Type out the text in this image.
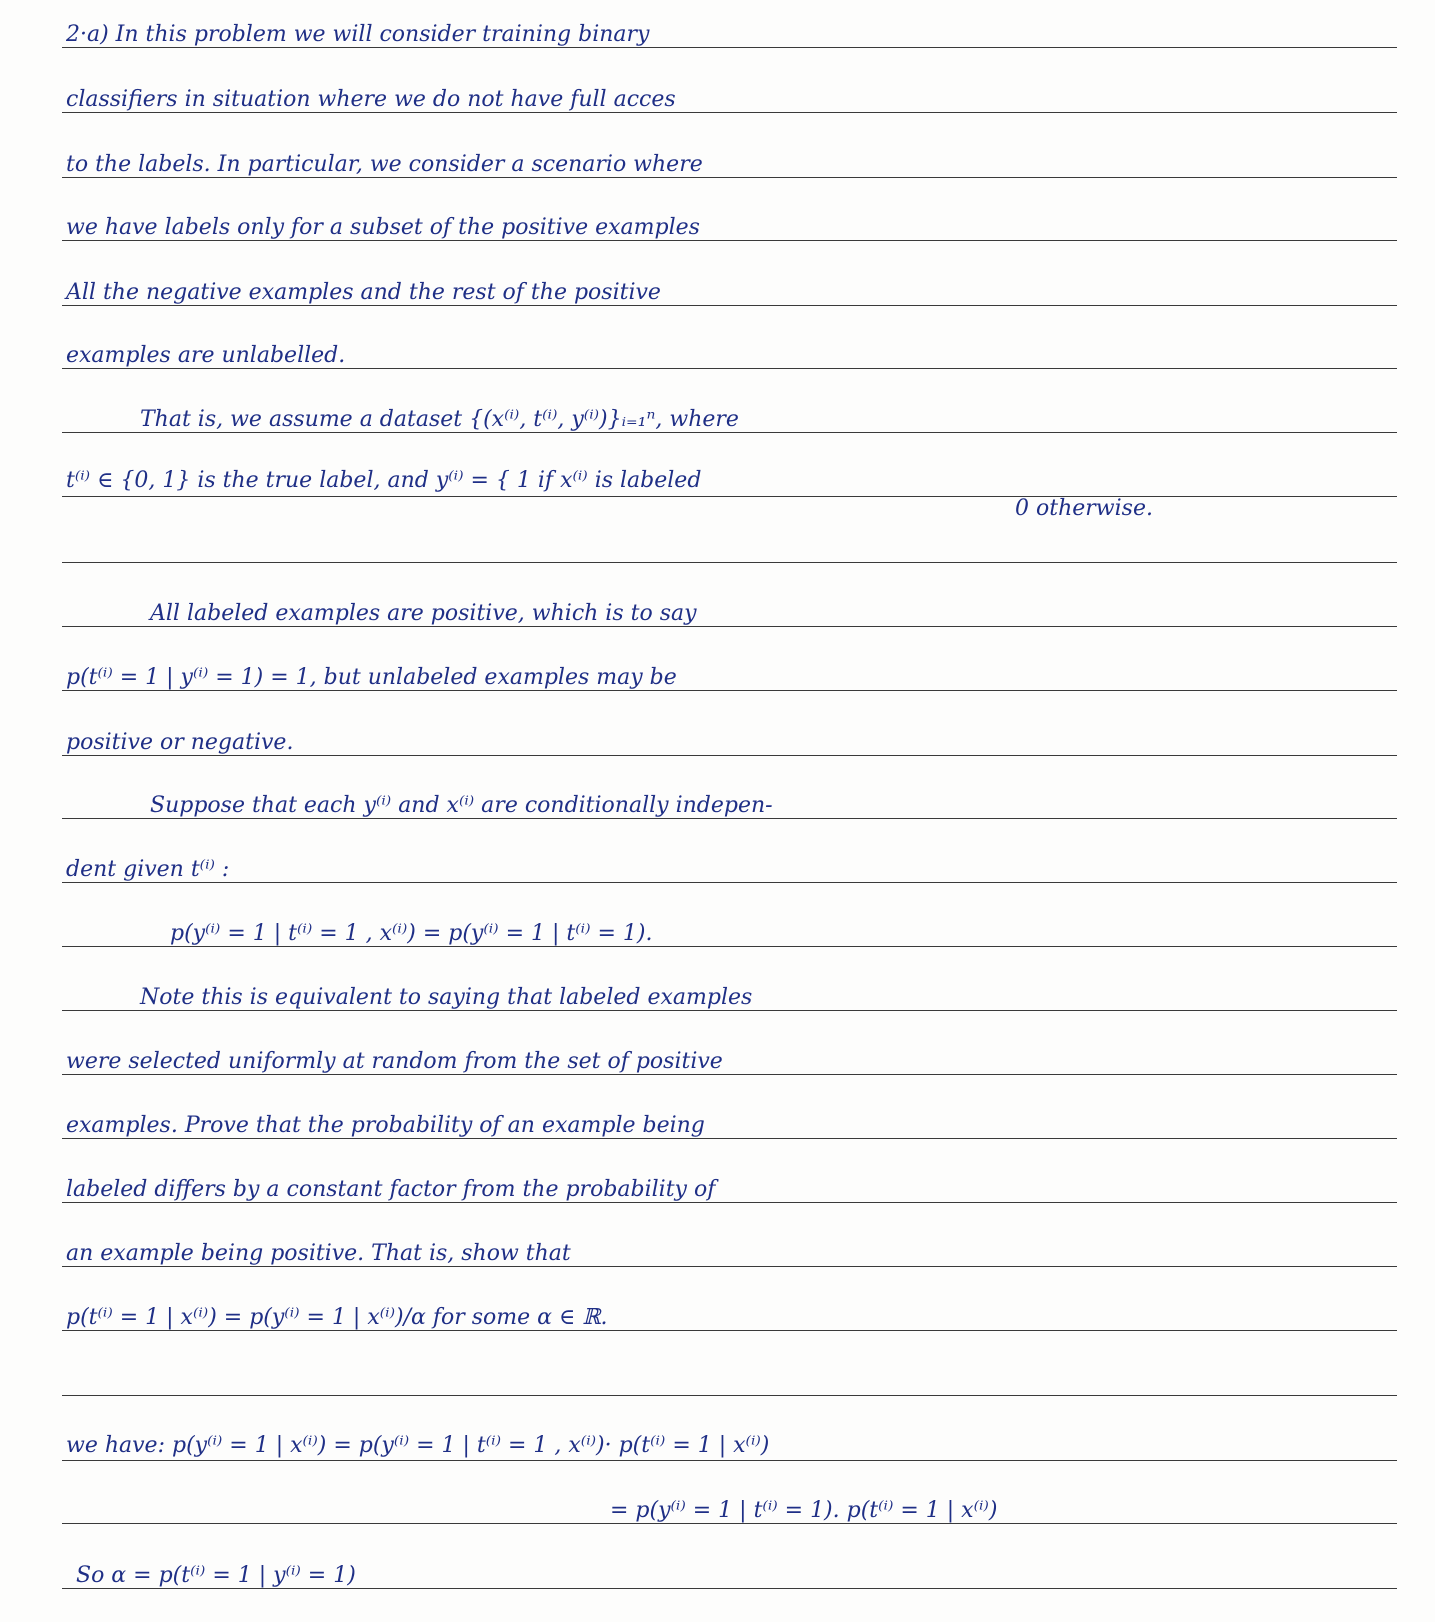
2·a) In this problem we will consider training binary
classifiers in situation where we do not have full acces
to the labels. In particular, we consider a scenario where
we have labels only for a subset of the positive examples
All the negative examples and the rest of the positive
examples are unlabelled.
That is, we assume a dataset {(x⁽ⁱ⁾, t⁽ⁱ⁾, y⁽ⁱ⁾)}ᵢ₌₁ⁿ, where
t⁽ⁱ⁾ ∈ {0, 1} is the true label, and y⁽ⁱ⁾ = { 1 if x⁽ⁱ⁾ is labeled
0 otherwise.
All labeled examples are positive, which is to say
p(t⁽ⁱ⁾ = 1 | y⁽ⁱ⁾ = 1) = 1, but unlabeled examples may be
positive or negative.
Suppose that each y⁽ⁱ⁾ and x⁽ⁱ⁾ are conditionally indepen-
dent given t⁽ⁱ⁾ :
p(y⁽ⁱ⁾ = 1 | t⁽ⁱ⁾ = 1 , x⁽ⁱ⁾) = p(y⁽ⁱ⁾ = 1 | t⁽ⁱ⁾ = 1).
Note this is equivalent to saying that labeled examples
were selected uniformly at random from the set of positive
examples. Prove that the probability of an example being
labeled differs by a constant factor from the probability of
an example being positive. That is, show that
p(t⁽ⁱ⁾ = 1 | x⁽ⁱ⁾) = p(y⁽ⁱ⁾ = 1 | x⁽ⁱ⁾)/α for some α ∈ ℝ.
we have: p(y⁽ⁱ⁾ = 1 | x⁽ⁱ⁾) = p(y⁽ⁱ⁾ = 1 | t⁽ⁱ⁾ = 1 , x⁽ⁱ⁾)· p(t⁽ⁱ⁾ = 1 | x⁽ⁱ⁾)
= p(y⁽ⁱ⁾ = 1 | t⁽ⁱ⁾ = 1). p(t⁽ⁱ⁾ = 1 | x⁽ⁱ⁾)
So α = p(t⁽ⁱ⁾ = 1 | y⁽ⁱ⁾ = 1)
